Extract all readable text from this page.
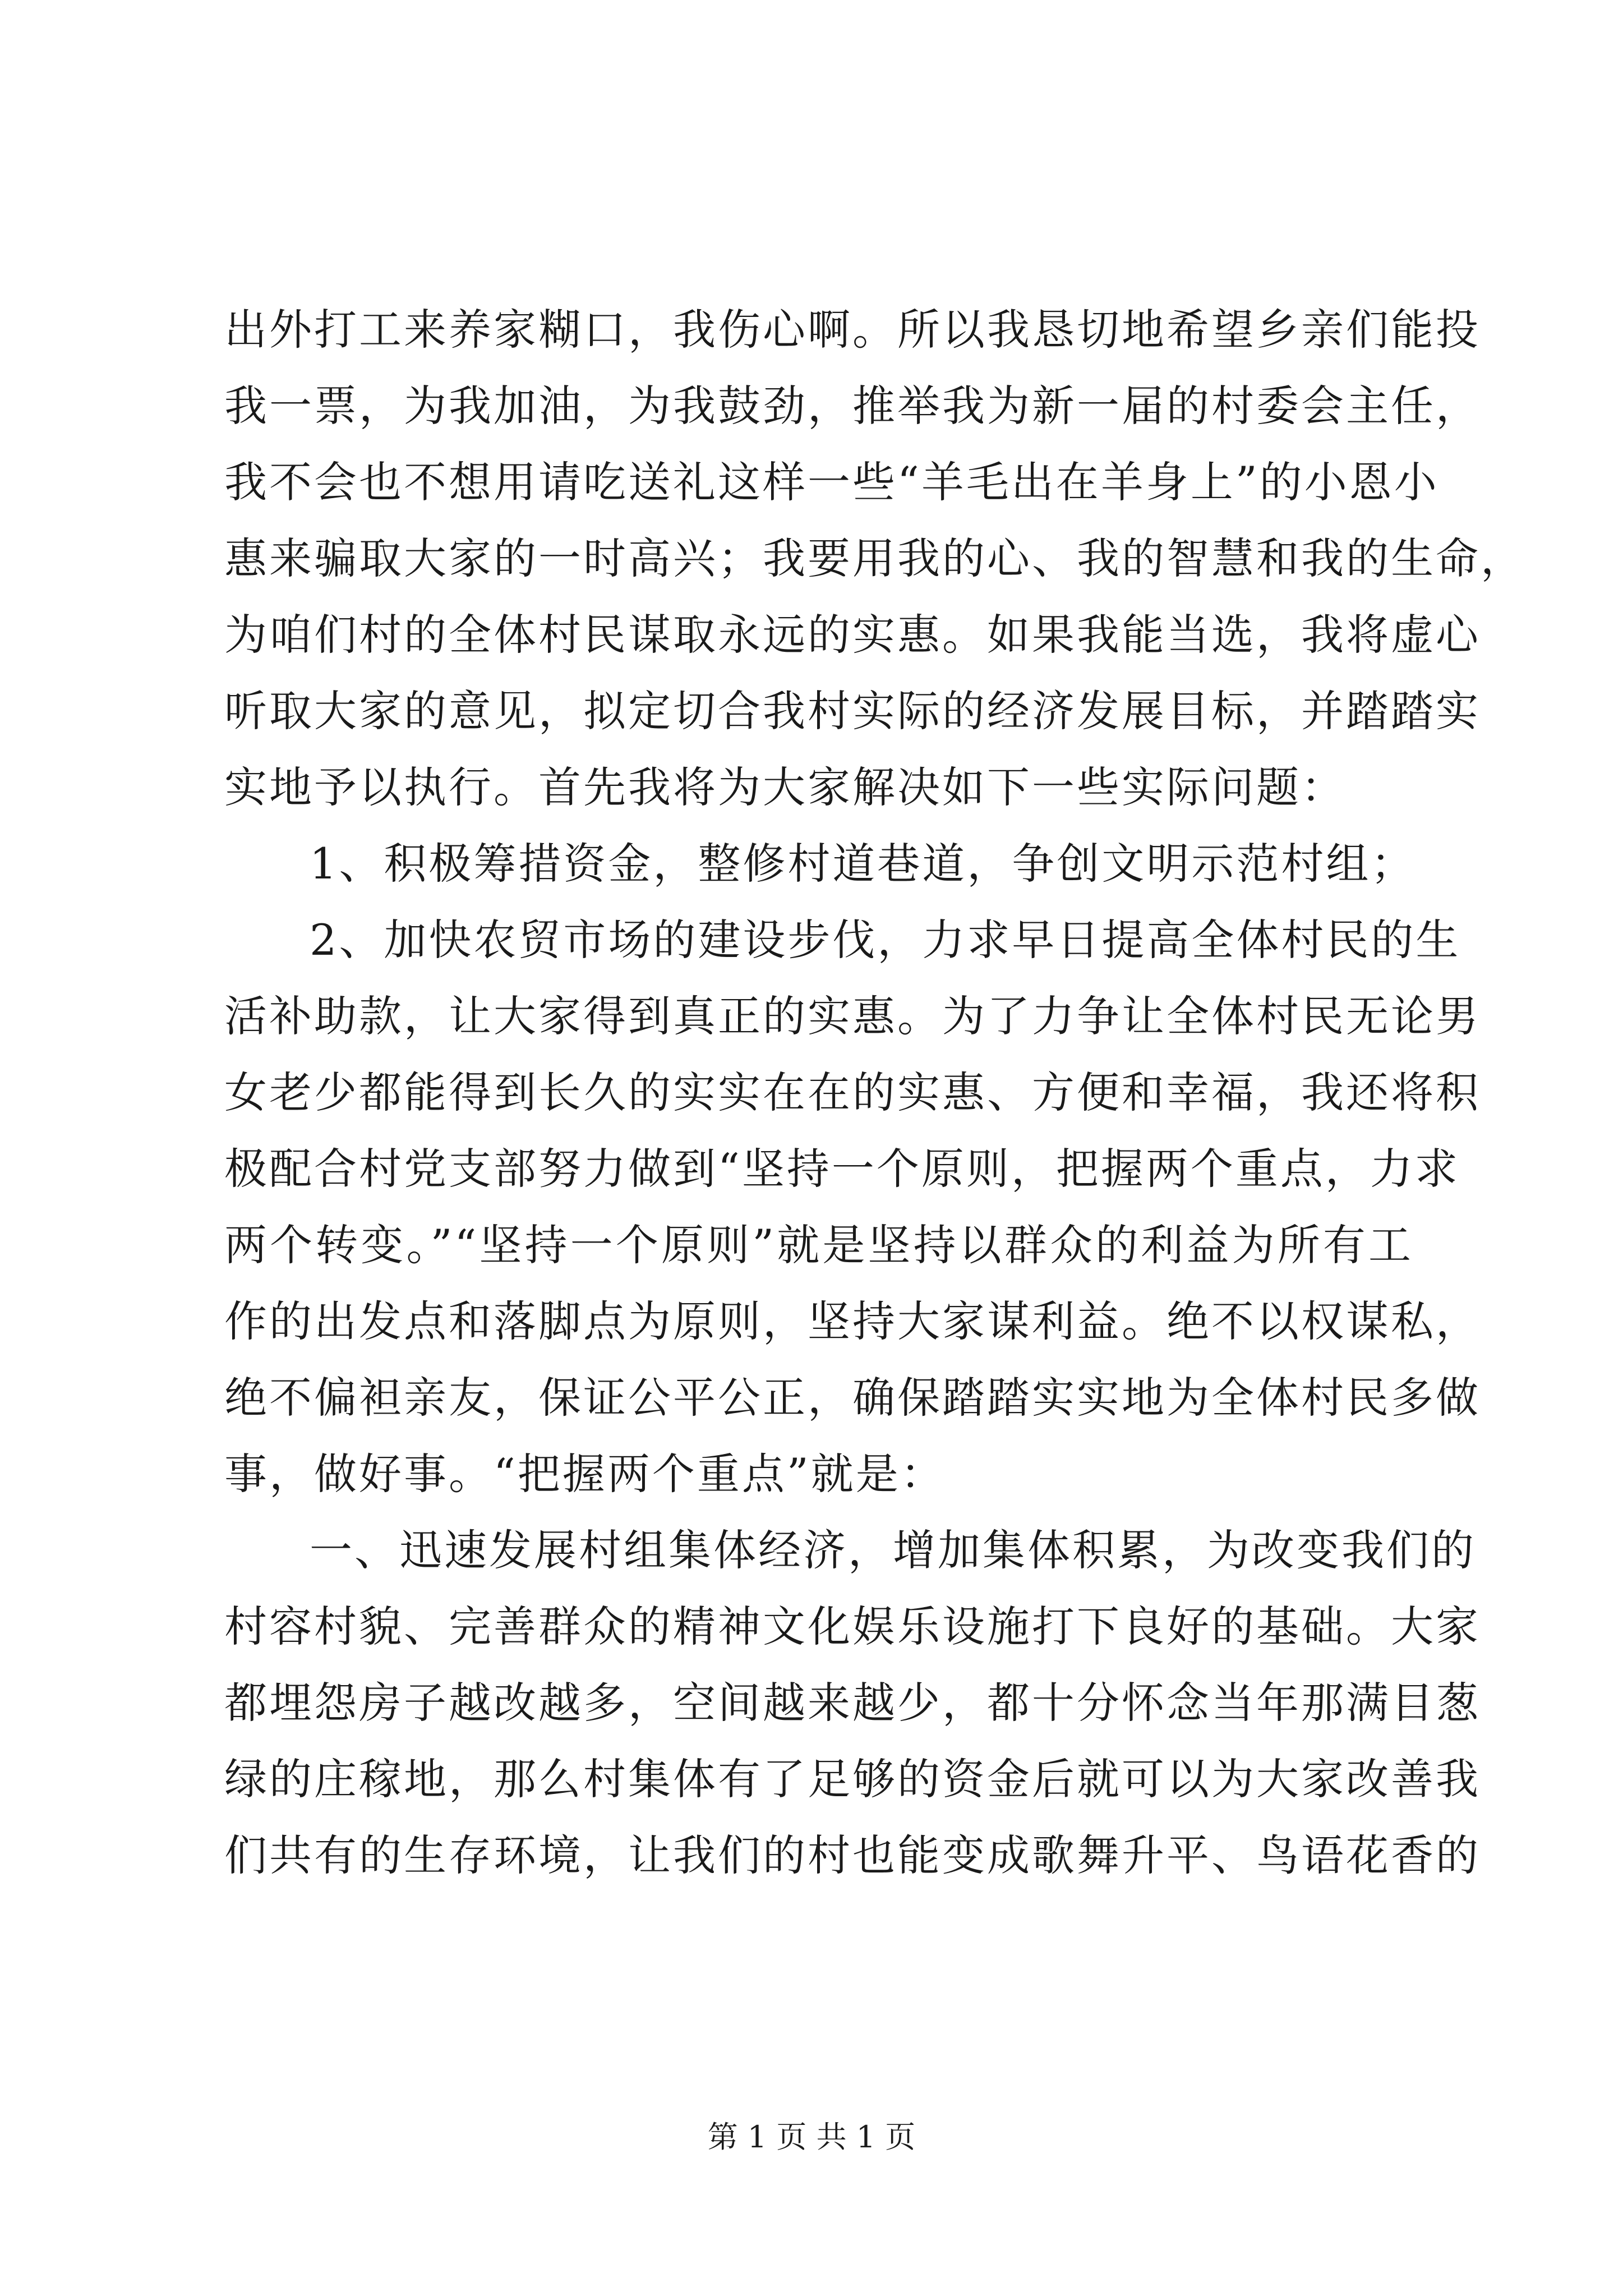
出外打工来养家糊口，我伤心啊。所以我恳切地希望乡亲们能投
我一票，为我加油，为我鼓劲，推举我为新一届的村委会主任，
我不会也不想用请吃送礼这样一些“羊毛出在羊身上”的小恩小
惠来骗取大家的一时高兴；我要用我的心、我的智慧和我的生命，
为咱们村的全体村民谋取永远的实惠。如果我能当选，我将虚心
听取大家的意见，拟定切合我村实际的经济发展目标，并踏踏实
实地予以执行。首先我将为大家解决如下一些实际问题：
1、积极筹措资金，整修村道巷道，争创文明示范村组；
2、加快农贸市场的建设步伐，力求早日提高全体村民的生
活补助款，让大家得到真正的实惠。为了力争让全体村民无论男
女老少都能得到长久的实实在在的实惠、方便和幸福，我还将积
极配合村党支部努力做到“坚持一个原则，把握两个重点，力求
两个转变。”“坚持一个原则”就是坚持以群众的利益为所有工
作的出发点和落脚点为原则，坚持大家谋利益。绝不以权谋私，
绝不偏袒亲友，保证公平公正，确保踏踏实实地为全体村民多做
事，做好事。“把握两个重点”就是：
一、迅速发展村组集体经济，增加集体积累，为改变我们的
村容村貌、完善群众的精神文化娱乐设施打下良好的基础。大家
都埋怨房子越改越多，空间越来越少，都十分怀念当年那满目葱
绿的庄稼地，那么村集体有了足够的资金后就可以为大家改善我
们共有的生存环境，让我们的村也能变成歌舞升平、鸟语花香的
第 1 页 共 1 页
